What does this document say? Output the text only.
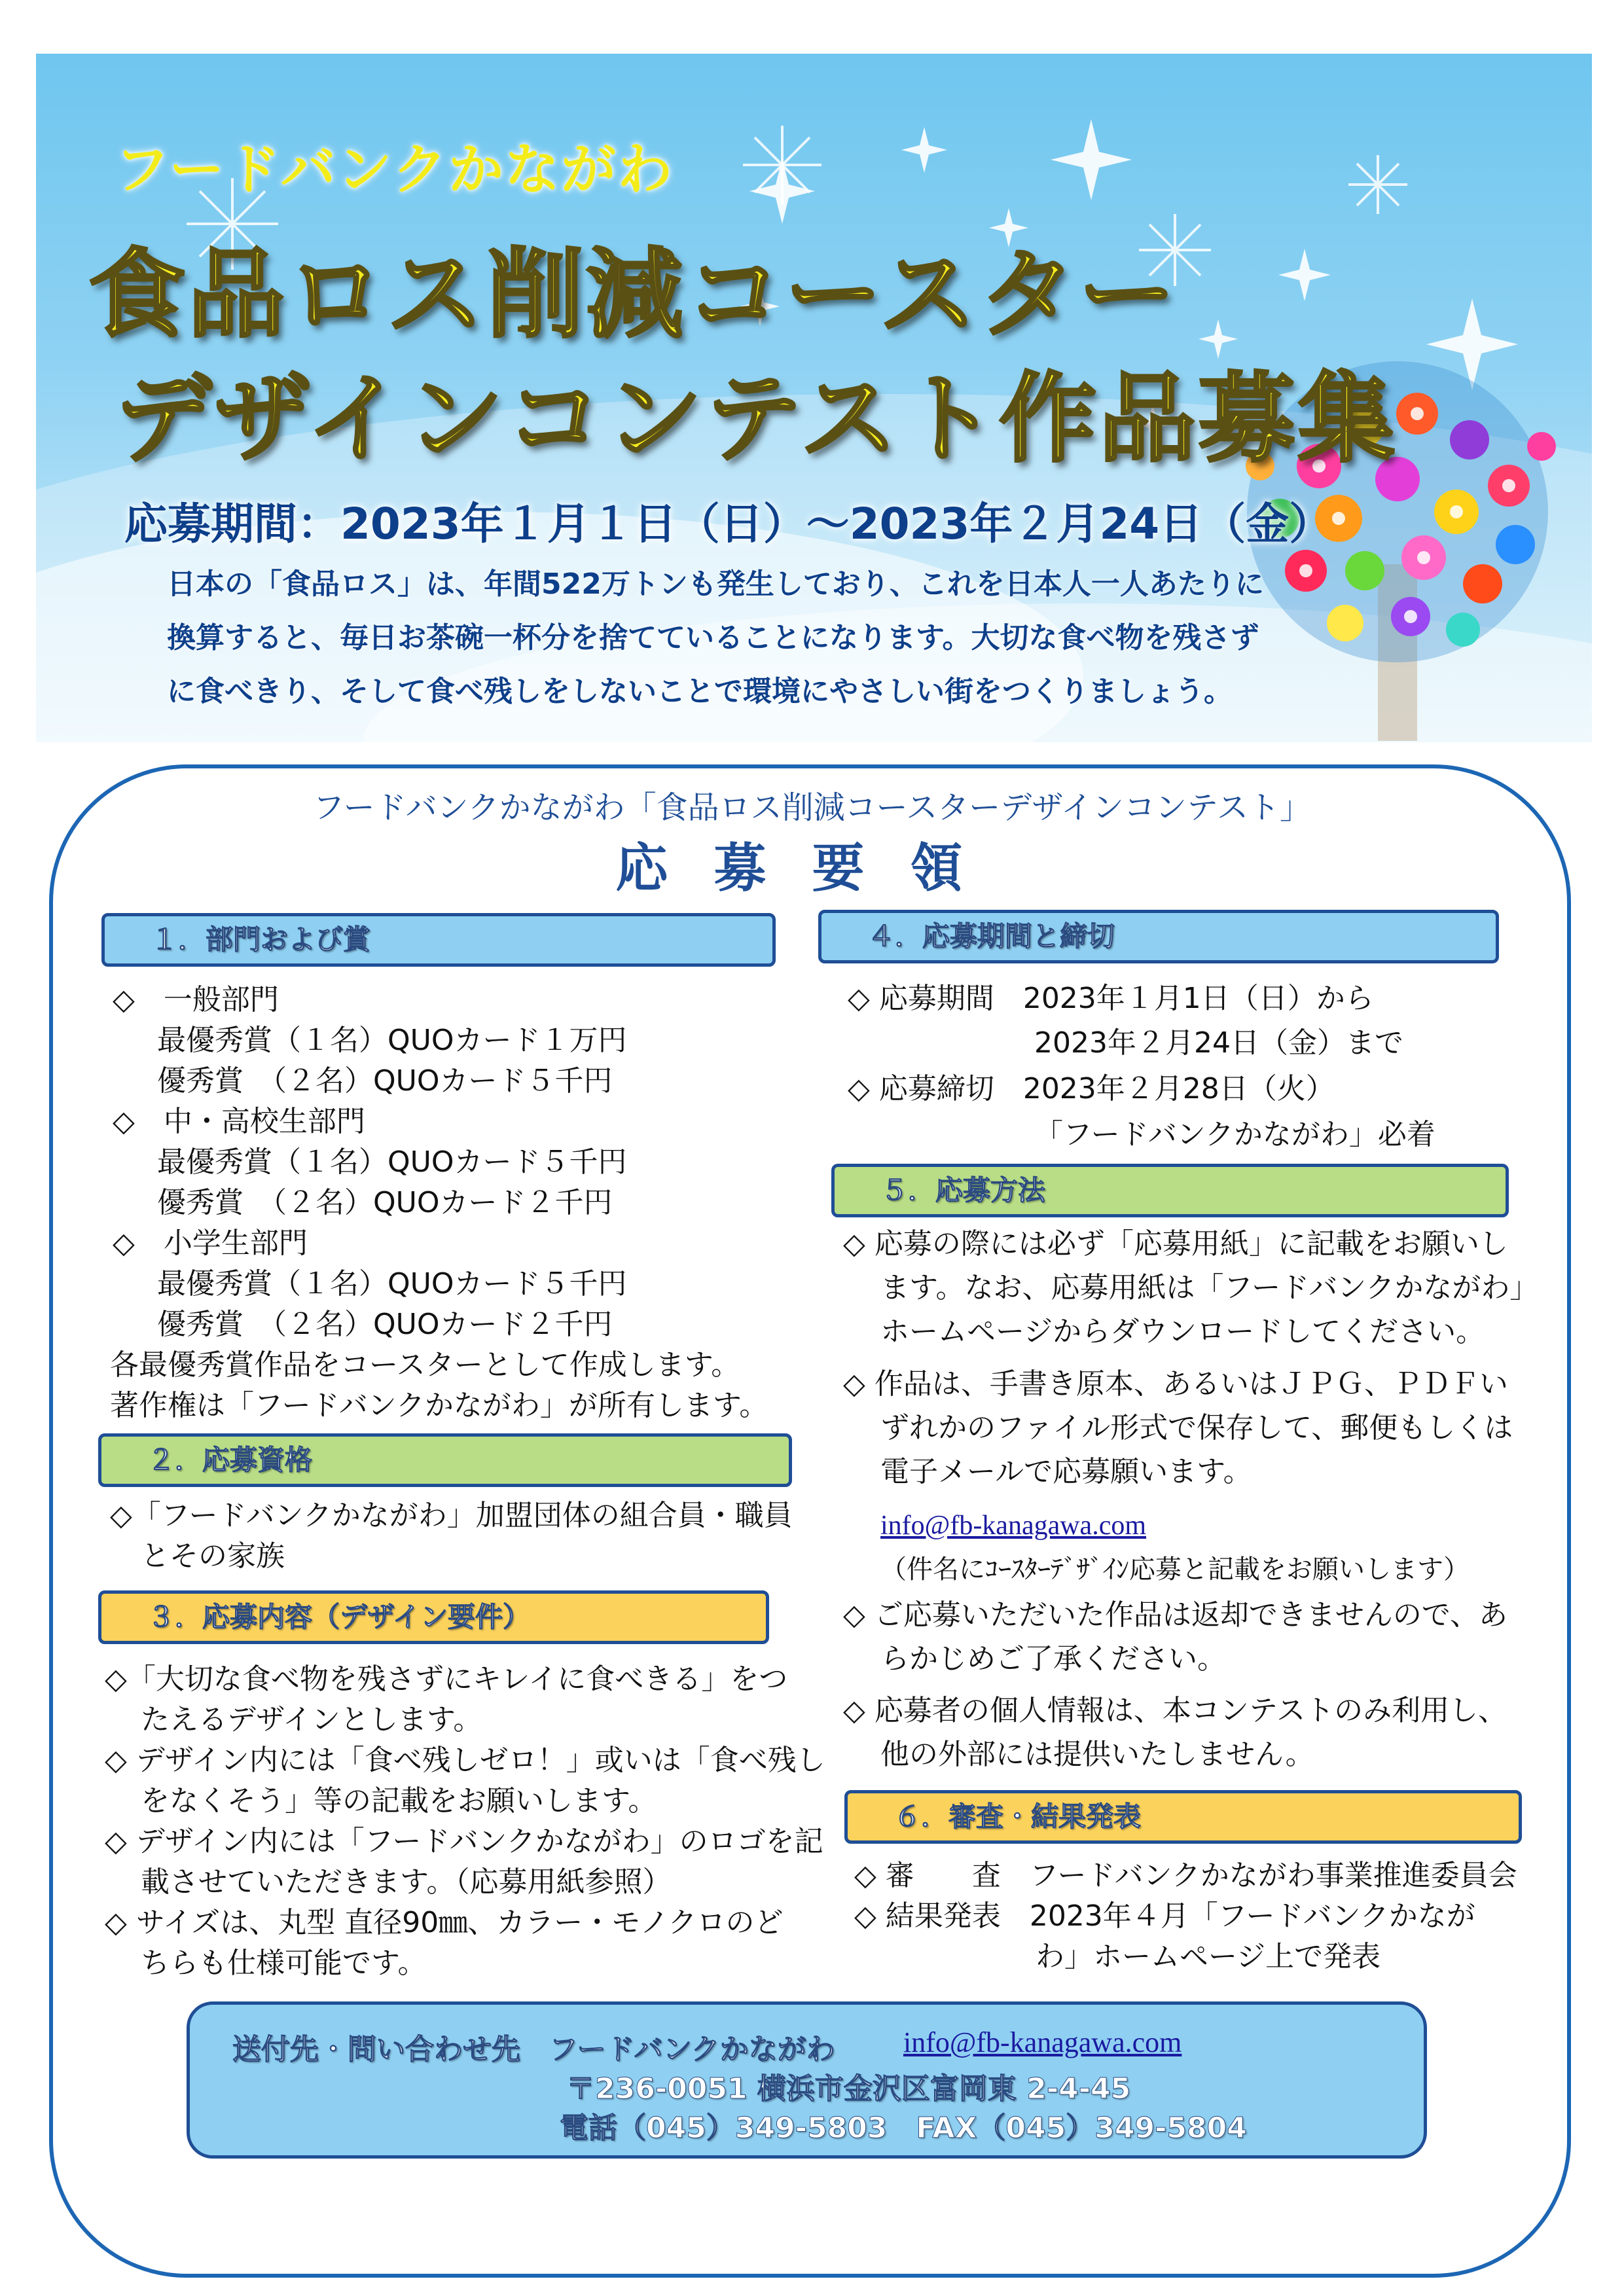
フードバンクかながわ
食品ロス削減コースター
デザインコンテスト作品募集
応募期間：2023年１月１日（日）～2023年２月24日（金）
日本の「食品ロス」は、年間522万トンも発生しており、これを日本人一人あたりに
換算すると、毎日お茶碗一杯分を捨てていることになります。大切な食べ物を残さず
に食べきり、そして食べ残しをしないことで環境にやさしい街をつくりましょう。
フードバンクかながわ「食品ロス削減コースターデザインコンテスト」
応募要領
１．部門および賞
◇　一般部門
最優秀賞（１名）QUOカード１万円
優秀賞　（２名）QUOカード５千円
◇　中・高校生部門
最優秀賞（１名）QUOカード５千円
優秀賞　（２名）QUOカード２千円
◇　小学生部門
最優秀賞（１名）QUOカード５千円
優秀賞　（２名）QUOカード２千円
各最優秀賞作品をコースターとして作成します。
著作権は「フードバンクかながわ」が所有します。
２．応募資格
◇「フードバンクかながわ」加盟団体の組合員・職員
とその家族
３．応募内容（デザイン要件）
◇「大切な食べ物を残さずにキレイに食べきる」をつ
たえるデザインとします。
◇ デザイン内には「食べ残しゼロ！」或いは「食べ残し
をなくそう」等の記載をお願いします。
◇ デザイン内には「フードバンクかながわ」のロゴを記
載させていただきます。（応募用紙参照）
◇ サイズは、丸型 直径90㎜、カラー・モノクロのど
ちらも仕様可能です。
４．応募期間と締切
◇ 応募期間　2023年１月1日（日）から
2023年２月24日（金）まで
◇ 応募締切　2023年２月28日（火）
「フードバンクかながわ」必着
５．応募方法
◇ 応募の際には必ず「応募用紙」に記載をお願いし
ます。なお、応募用紙は「フードバンクかながわ」
ホームページからダウンロードしてください。
◇ 作品は、手書き原本、あるいはＪＰＧ、ＰＤＦい
ずれかのファイル形式で保存して、郵便もしくは
電子メールで応募願います。
info@fb-kanagawa.com
（件名にｺｰｽﾀｰﾃﾞｻﾞｲﾝ応募と記載をお願いします）
◇ ご応募いただいた作品は返却できませんので、あ
らかじめご了承ください。
◇ 応募者の個人情報は、本コンテストのみ利用し、
他の外部には提供いたしません。
６．審査・結果発表
◇ 審　　査　フードバンクかながわ事業推進委員会
◇ 結果発表　2023年４月「フードバンクかなが
わ」ホームページ上で発表
送付先・問い合わせ先　フードバンクかながわ info@fb-kanagawa.com
〒236-0051 横浜市金沢区富岡東 2-4-45
電話（045）349-5803　FAX（045）349-5804
